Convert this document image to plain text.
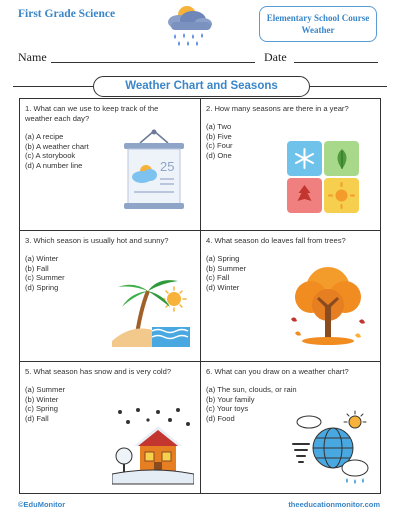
First Grade Science	Elementary School Course
Weather
Name	Date
Weather Chart and Seasons
1. What can we use to keep track of the weather each day?
(a) A recipe
(b) A weather chart
(c) A storybook
(d) A number line	25
2. How many seasons are there in a year?
(a) Two
(b) Five
(c) Four
(d) One
3. Which season is usually hot and sunny?
(a) Winter
(b) Fall
(c) Summer
(d) Spring
4. What season do leaves fall from trees?
(a) Spring
(b) Summer
(c) Fall
(d) Winter
5. What season has snow and is very cold?
(a) Summer
(b) Winter
(c) Spring
(d) Fall
6. What can you draw on a weather chart?
(a) The sun, clouds, or rain
(b) Your family
(c) Your toys
(d) Food
©EduMonitor	theeducationmonitor.com
